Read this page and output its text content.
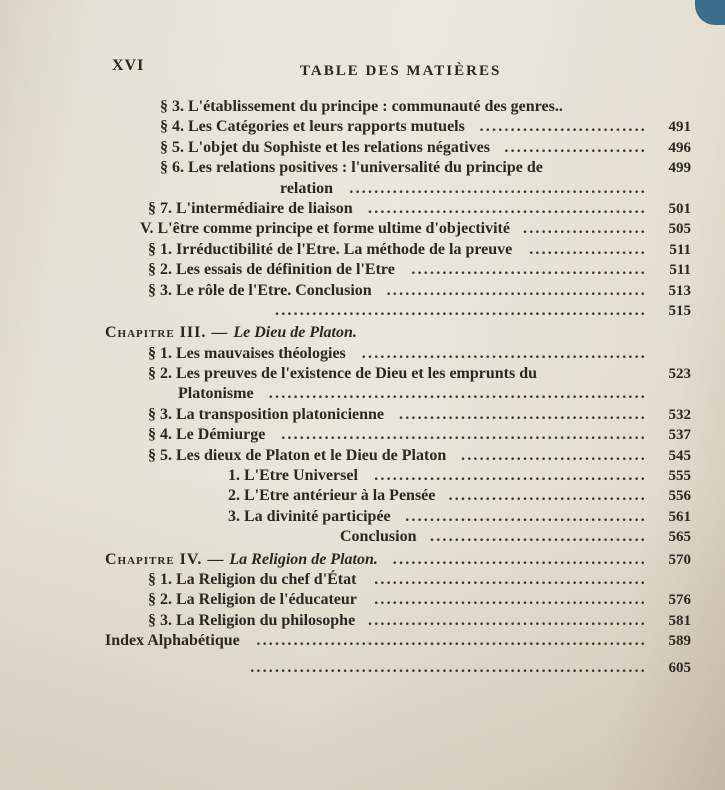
XVI	TABLE DES MATIÈRES
§ 3. L'établissement du principe : communauté des genres..
§ 4. Les Catégories et leurs rapports mutuels ...........................	491
§ 5. L'objet du Sophiste et les relations négatives .......................	496
§ 6. Les relations positives : l'universalité du principe de	499
relation	................................................
§ 7. L'intermédiaire de liaison .............................................	501
V. L'être comme principe et forme ultime d'objectivité ....................	505
§ 1. Irréductibilité de l'Etre. La méthode de la preuve	...................	511
§ 2. Les essais de définition de l'Etre	......................................	511
§ 3. Le rôle de l'Etre. Conclusion ..........................................	513
............................................................	515
Chapitre III. — Le Dieu de Platon.
§ 1. Les mauvaises théologies	..............................................
§ 2. Les preuves de l'existence de Dieu et les emprunts du	523
Platonisme .............................................................
§ 3. La transposition platonicienne ........................................	532
§ 4. Le Démiurge ...........................................................	537
§ 5. Les dieux de Platon et le Dieu de Platon ..............................	545
1. L'Etre Universel	............................................	555
2. L'Etre antérieur à la Pensée ................................	556
3. La divinité participée .......................................	561
Conclusion ...................................	565
Chapitre IV. — La Religion de Platon. .........................................	570
§ 1. La Religion du chef d'État	............................................
§ 2. La Religion de l'éducateur	............................................	576
§ 3. La Religion du philosophe .............................................	581
Index Alphabétique	...............................................................	589
................................................................	605
